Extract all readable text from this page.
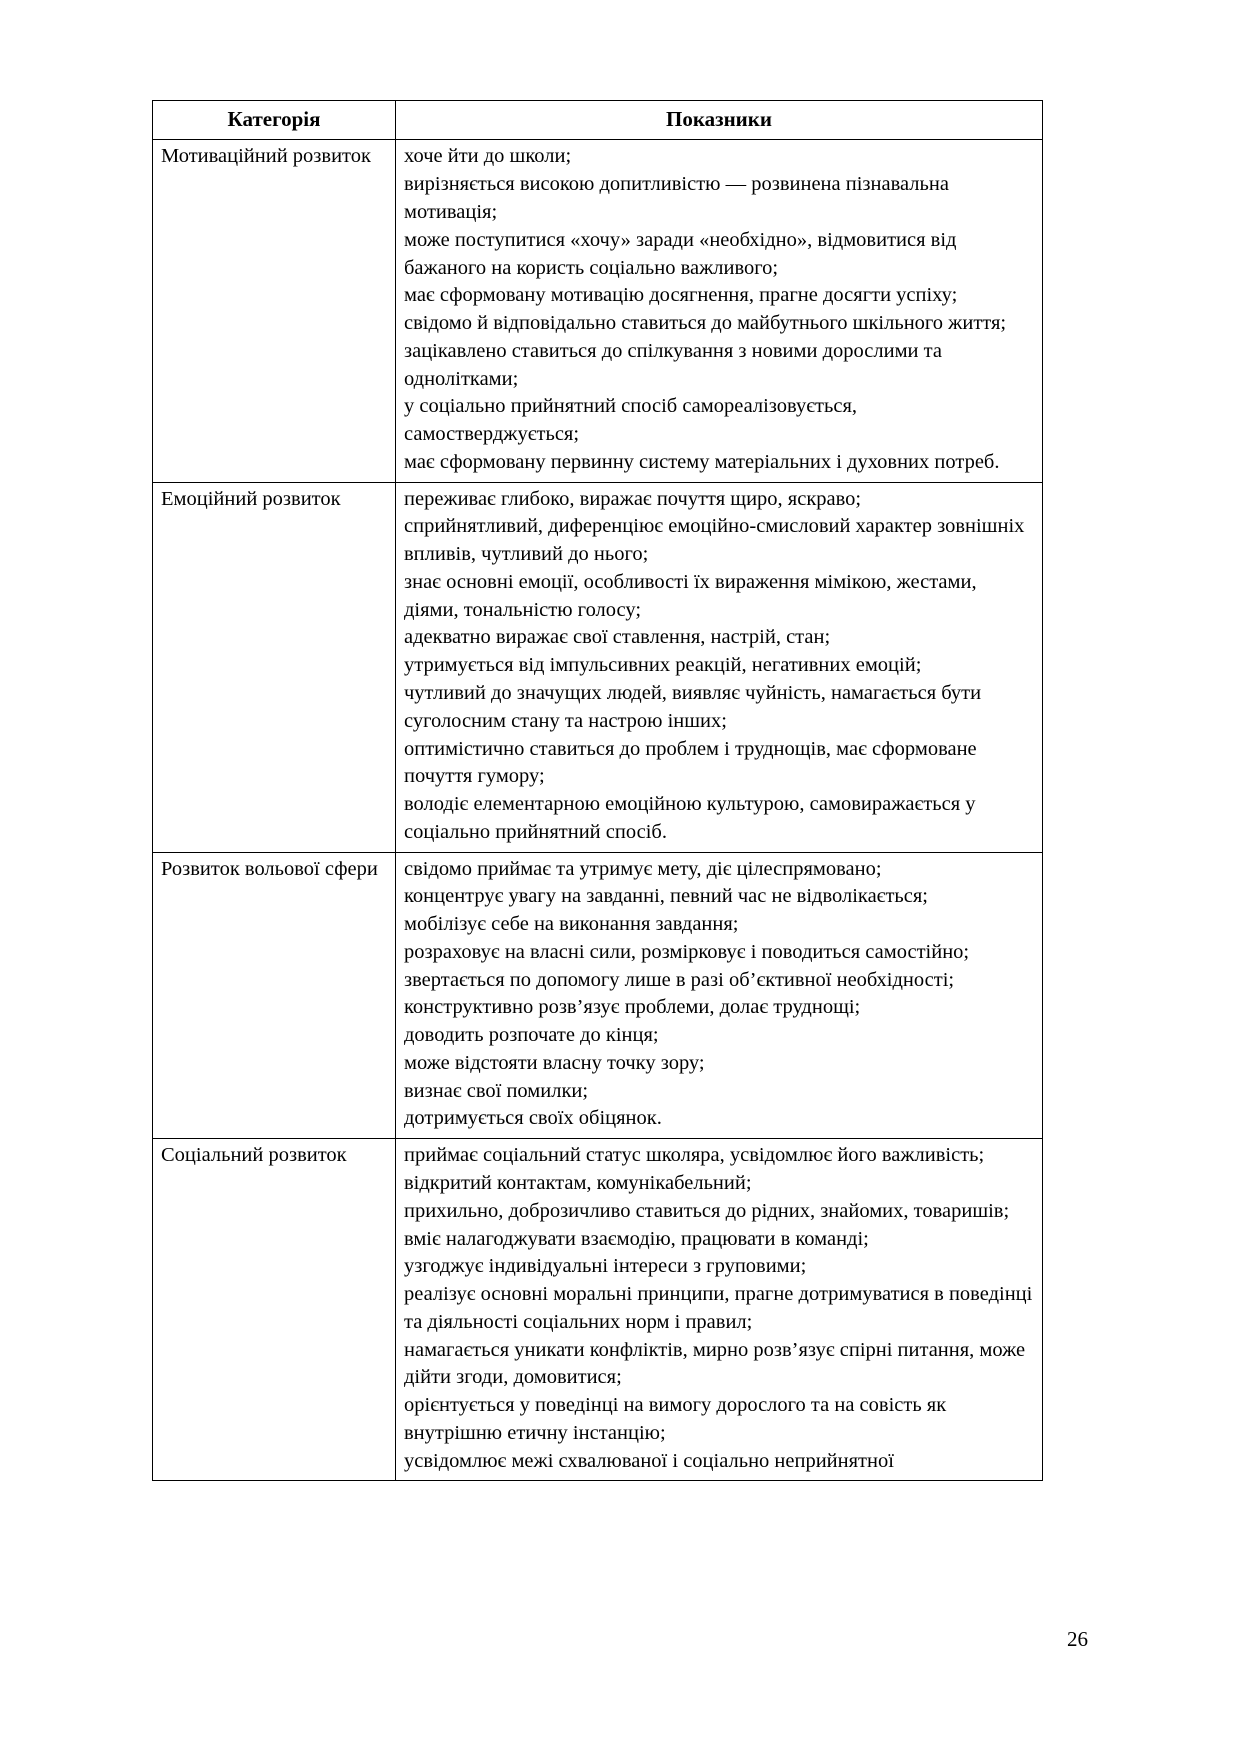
Категорія	Показники
Мотиваційний розвиток	хоче йти до школи;
вирізняється високою допитливістю — розвинена пізнавальна мотивація;
може поступитися «хочу» заради «необхідно», відмовитися від бажаного на користь соціально важливого;
має сформовану мотивацію досягнення, прагне досягти успіху;
свідомо й відповідально ставиться до майбутнього шкільного життя;
зацікавлено ставиться до спілкування з новими дорослими та однолітками;
у соціально прийнятний спосіб самореалізовується, самостверджується;
має сформовану первинну систему матеріальних і духовних потреб.

Емоційний розвиток	переживає глибоко, виражає почуття щиро, яскраво;
сприйнятливий, диференціює емоційно-смисловий характер зовнішніх впливів, чутливий до нього;
знає основні емоції, особливості їх вираження мімікою, жестами, діями, тональністю голосу;
адекватно виражає свої ставлення, настрій, стан;
утримується від імпульсивних реакцій, негативних емоцій;
чутливий до значущих людей, виявляє чуйність, намагається бути суголосним стану та настрою інших;
оптимістично ставиться до проблем і труднощів, має сформоване почуття гумору;
володіє елементарною емоційною культурою, самовиражається у соціально прийнятний спосіб.

Розвиток вольової сфери	свідомо приймає та утримує мету, діє цілеспрямовано;
концентрує увагу на завданні, певний час не відволікається;
мобілізує себе на виконання завдання;
розраховує на власні сили, розмірковує і поводиться самостійно;
звертається по допомогу лише в разі об’єктивної необхідності;
конструктивно розв’язує проблеми, долає труднощі;
доводить розпочате до кінця;
може відстояти власну точку зору;
визнає свої помилки;
дотримується своїх обіцянок.

Соціальний розвиток	приймає соціальний статус школяра, усвідомлює його важливість;
відкритий контактам, комунікабельний;
прихильно, доброзичливо ставиться до рідних, знайомих, товаришів;
вміє налагоджувати взаємодію, працювати в команді;
узгоджує індивідуальні інтереси з груповими;
реалізує основні моральні принципи, прагне дотримуватися в поведінці та діяльності соціальних норм і правил;
намагається уникати конфліктів, мирно розв’язує спірні питання, може дійти згоди, домовитися;
орієнтується у поведінці на вимогу дорослого та на совість як внутрішню етичну інстанцію;
усвідомлює межі схвалюваної і соціально неприйнятної
26
